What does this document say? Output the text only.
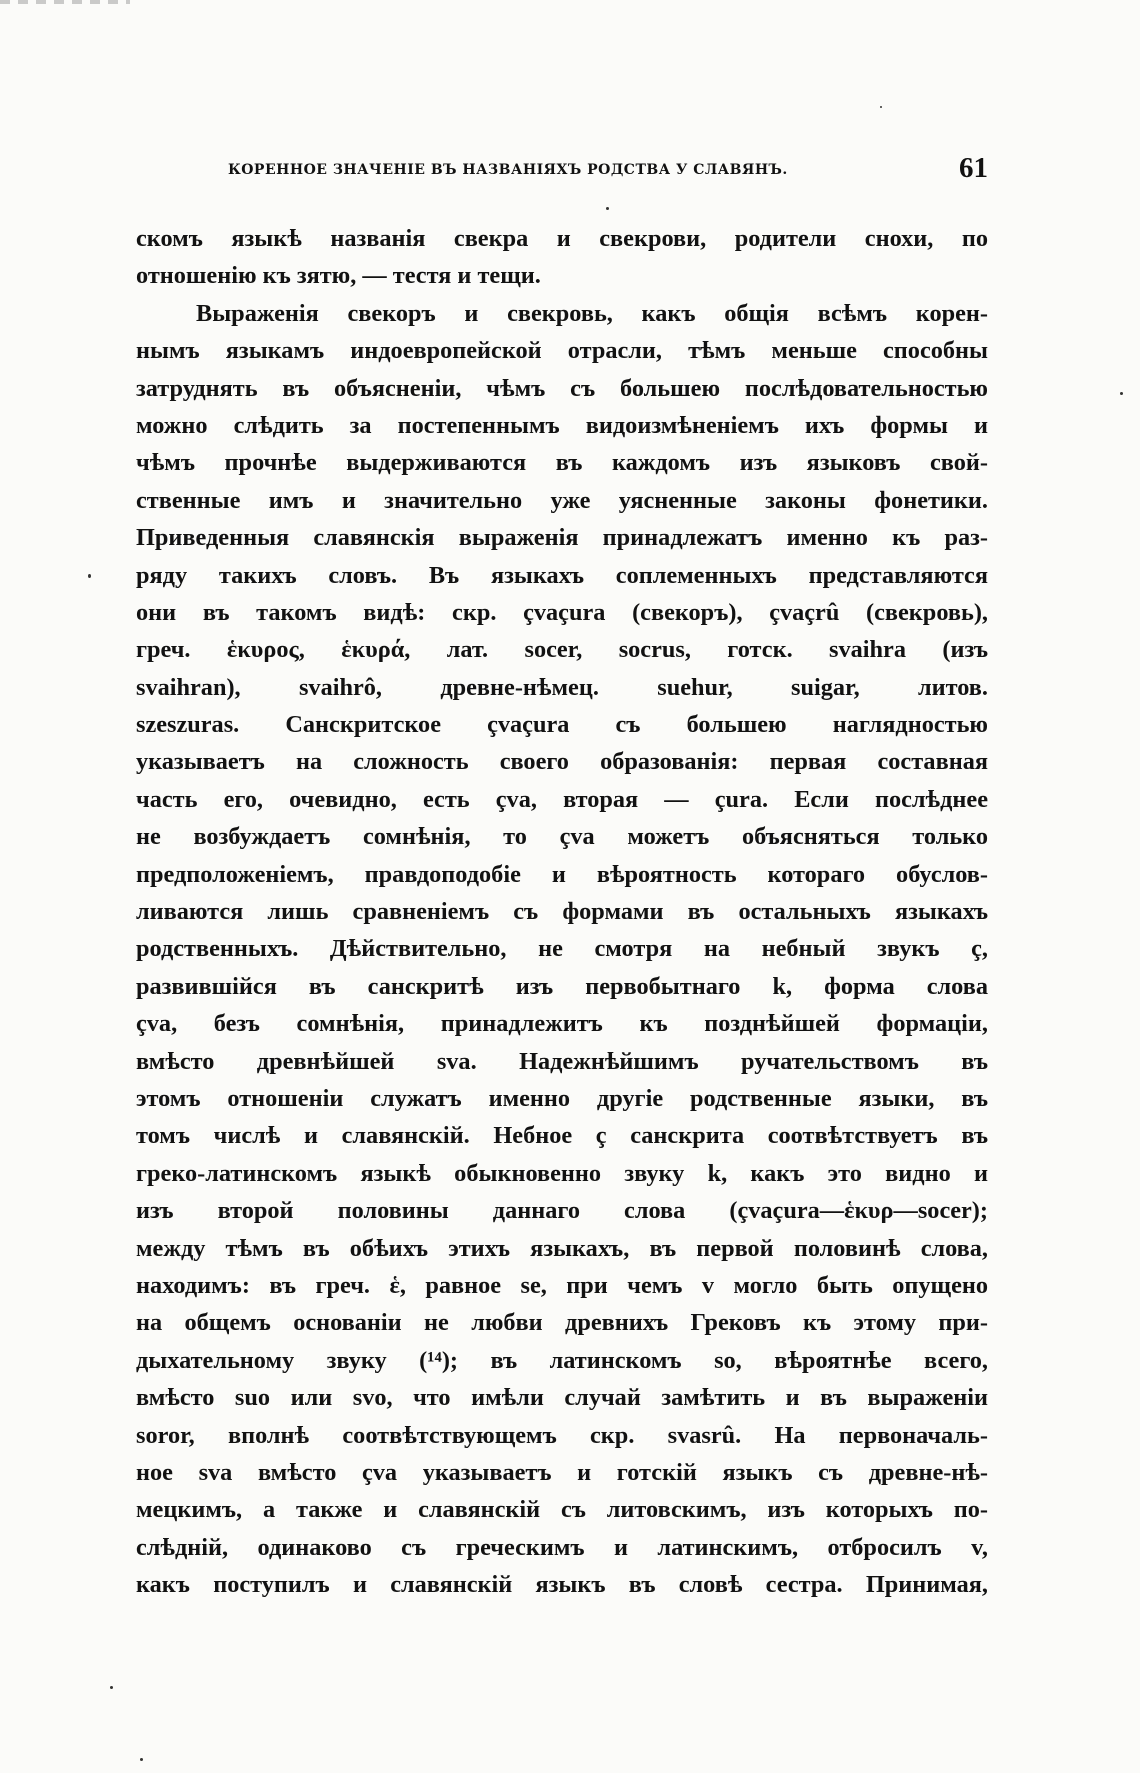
КОРЕННОЕ ЗНАЧЕНІЕ ВЪ НАЗВАНІЯХЪ РОДСТВА У СЛАВЯНЪ.	61
скомъ языкѣ названія свекра и свекрови, родители снохи, по
отношенію къ зятю, — тестя и тещи.
Выраженія свекоръ и свекровь, какъ общія всѣмъ корен-
нымъ языкамъ индоевропейской отрасли, тѣмъ меньше способны
затруднять въ объясненіи, чѣмъ съ большею послѣдовательностью
можно слѣдить за постепеннымъ видоизмѣненіемъ ихъ формы и
чѣмъ прочнѣе выдерживаются въ каждомъ изъ языковъ свой-
ственные имъ и значительно уже уясненные законы фонетики.
Приведенныя славянскія выраженія принадлежатъ именно къ раз-
ряду такихъ словъ. Въ языкахъ соплеменныхъ представляются
они въ такомъ видѣ: скр. çvaçura (свекоръ), çvaçrû (свекровь),
греч. ἑκυρος, ἑκυρά, лат. socer, socrus, готск. svaihra (изъ
svaihran), svaihrô, древне-нѣмец. suehur, suigar, литов.
szeszuras. Санскритское çvaçura съ большею наглядностью
указываетъ на сложность своего образованія: первая составная
часть его, очевидно, есть çva, вторая — çura. Если послѣднее
не возбуждаетъ сомнѣнія, то çva можетъ объясняться только
предположеніемъ, правдоподобіе и вѣроятность котораго обуслов-
ливаются лишь сравненіемъ съ формами въ остальныхъ языкахъ
родственныхъ. Дѣйствительно, не смотря на небный звукъ ç,
развившійся въ санскритѣ изъ первобытнаго k, форма слова
çva, безъ сомнѣнія, принадлежитъ къ позднѣйшей формаціи,
вмѣсто древнѣйшей sva. Надежнѣйшимъ ручательствомъ въ
этомъ отношеніи служатъ именно другіе родственные языки, въ
томъ числѣ и славянскій. Небное ç санскрита соотвѣтствуетъ въ
греко-латинскомъ языкѣ обыкновенно звуку k, какъ это видно и
изъ второй половины даннаго слова (çvaçura—ἑκυρ—socer);
между тѣмъ въ обѣихъ этихъ языкахъ, въ первой половинѣ слова,
находимъ: въ греч. ἑ, равное se, при чемъ v могло быть опущено
на общемъ основаніи не любви древнихъ Грековъ къ этому при-
дыхательному звуку (¹⁴); въ латинскомъ so, вѣроятнѣе всего,
вмѣсто suo или svo, что имѣли случай замѣтить и въ выраженіи
soror, вполнѣ соотвѣтствующемъ скр. svasrû. На первоначаль-
ное sva вмѣсто çva указываетъ и готскій языкъ съ древне-нѣ-
мецкимъ, а также и славянскій съ литовскимъ, изъ которыхъ по-
слѣдній, одинаково съ греческимъ и латинскимъ, отбросилъ v,
какъ поступилъ и славянскій языкъ въ словѣ сестра. Принимая,
